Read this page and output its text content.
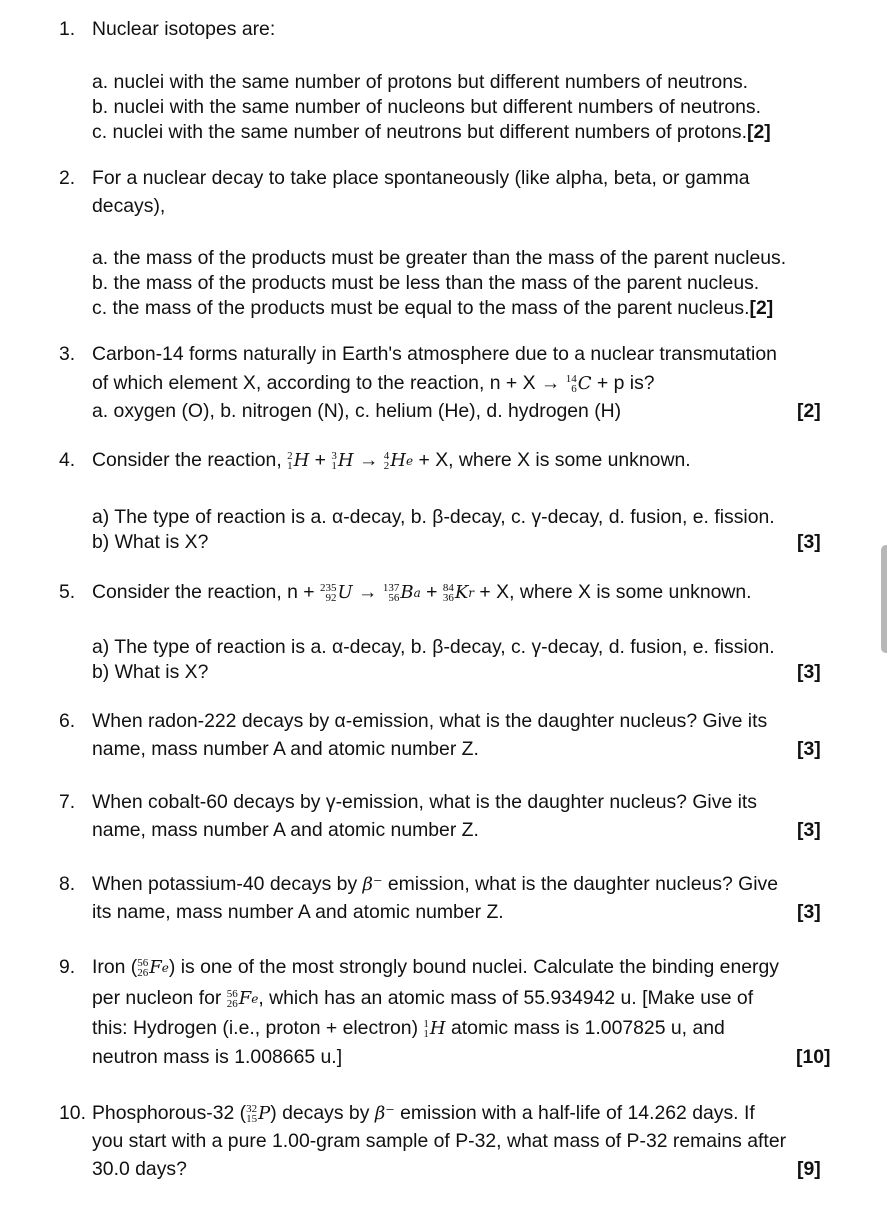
1. Nuclear isotopes are:
a. nuclei with the same number of protons but different numbers of neutrons.
b. nuclei with the same number of nucleons but different numbers of neutrons.
c. nuclei with the same number of neutrons but different numbers of protons.[2]
2. For a nuclear decay to take place spontaneously (like alpha, beta, or gamma
decays),
a. the mass of the products must be greater than the mass of the parent nucleus.
b. the mass of the products must be less than the mass of the parent nucleus.
c. the mass of the products must be equal to the mass of the parent nucleus.[2]
3. Carbon-14 forms naturally in Earth's atmosphere due to a nuclear transmutation
of which element X, according to the reaction, n + X → 14
6 C + p is?
a. oxygen (O), b. nitrogen (N), c. helium (He), d. hydrogen (H)	[2]
4. Consider the reaction, 2
1 H + 3
1 H → 4
2 H e + X, where X is some unknown.
a) The type of reaction is a. α-decay, b. β-decay, c. γ-decay, d. fusion, e. fission.
b) What is X?	[3]
5. Consider the reaction, n + 235
92 U → 137
56 B a + 84
36 K r + X, where X is some unknown.
a) The type of reaction is a. α-decay, b. β-decay, c. γ-decay, d. fusion, e. fission.
b) What is X?	[3]
6. When radon-222 decays by α-emission, what is the daughter nucleus? Give its
name, mass number A and atomic number Z.	[3]
7. When cobalt-60 decays by γ-emission, what is the daughter nucleus? Give its
name, mass number A and atomic number Z.	[3]
8. When potassium-40 decays by β⁻ emission, what is the daughter nucleus? Give
its name, mass number A and atomic number Z.	[3]
9. Iron ( 56
26 F e ) is one of the most strongly bound nuclei. Calculate the binding energy
per nucleon for 56
26 F e , which has an atomic mass of 55.934942 u. [Make use of
this: Hydrogen (i.e., proton + electron) 1
1 H atomic mass is 1.007825 u, and
neutron mass is 1.008665 u.]	[10]
10. Phosphorous-32 ( 32
15 P ) decays by β⁻ emission with a half-life of 14.262 days. If
you start with a pure 1.00-gram sample of P-32, what mass of P-32 remains after
30.0 days?	[9]
